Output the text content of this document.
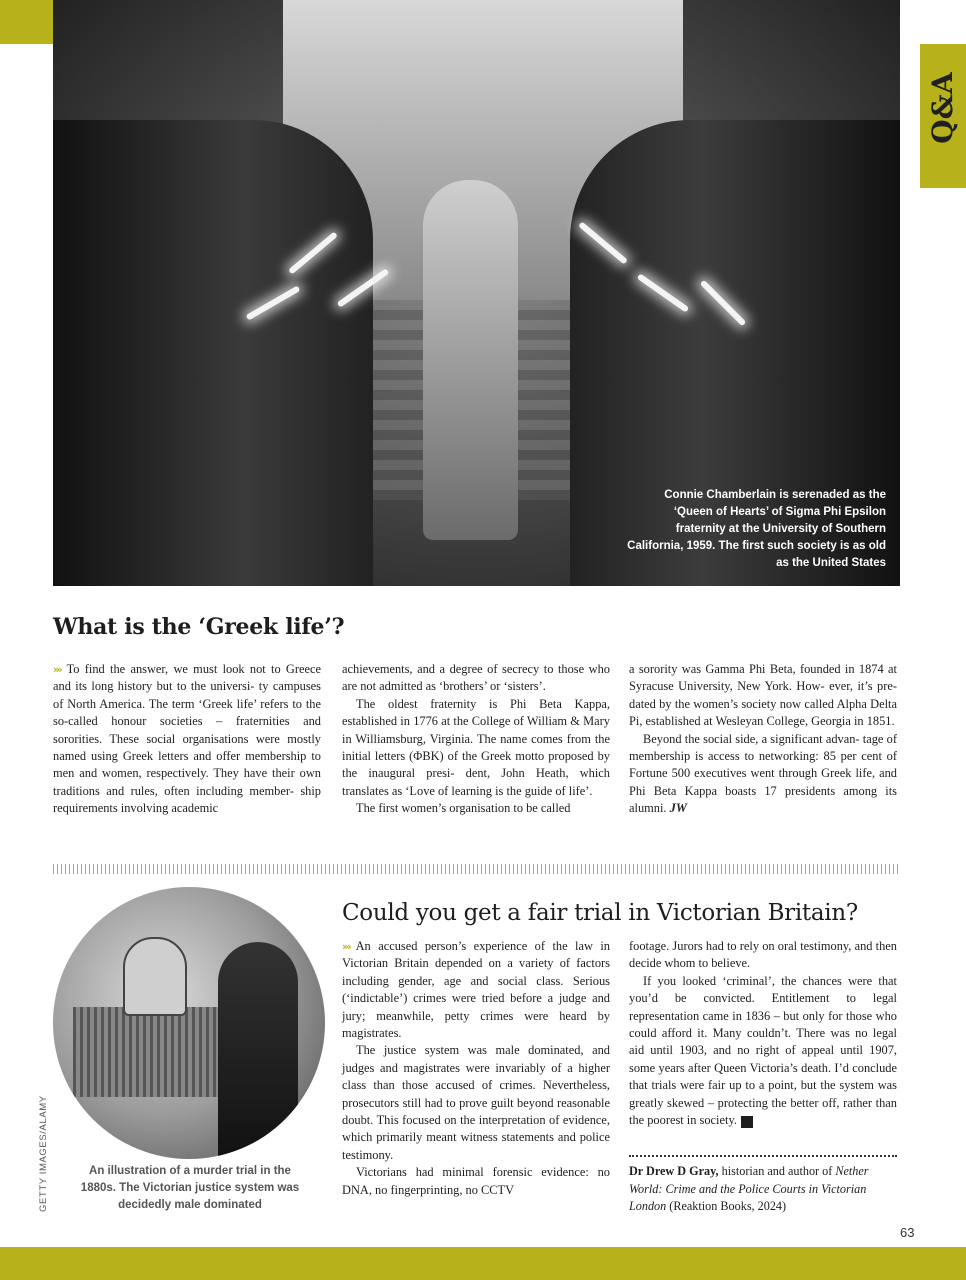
Q&A
Connie Chamberlain is serenaded as the ‘Queen of Hearts’ of Sigma Phi Epsilon fraternity at the University of Southern California, 1959. The first such society is as old as the United States
What is the ‘Greek life’?

››› To find the answer, we must look not to Greece and its long history but to the universi- ty campuses of North America. The term ‘Greek life’ refers to the so-called honour societies – fraternities and sororities. These social organisations were mostly named using Greek letters and offer membership to men and women, respectively. They have their own traditions and rules, often including member- ship requirements involving academic

achievements, and a degree of secrecy to those who are not admitted as ‘brothers’ or ‘sisters’.

The oldest fraternity is Phi Beta Kappa, established in 1776 at the College of William & Mary in Williamsburg, Virginia. The name comes from the initial letters (ΦBK) of the Greek motto proposed by the inaugural presi- dent, John Heath, which translates as ‘Love of learning is the guide of life’.

The first women’s organisation to be called

a sorority was Gamma Phi Beta, founded in 1874 at Syracuse University, New York. How- ever, it’s pre-dated by the women’s society now called Alpha Delta Pi, established at Wesleyan College, Georgia in 1851.

Beyond the social side, a significant advan- tage of membership is access to networking: 85 per cent of Fortune 500 executives went through Greek life, and Phi Beta Kappa boasts 17 presidents among its alumni. JW

GETTY IMAGES/ALAMY	An illustration of a murder trial in the 1880s. The Victorian justice system was decidedly male dominated
Could you get a fair trial in Victorian Britain?

››› An accused person’s experience of the law in Victorian Britain depended on a variety of factors including gender, age and social class. Serious (‘indictable’) crimes were tried before a judge and jury; meanwhile, petty crimes were heard by magistrates.

The justice system was male dominated, and judges and magistrates were invariably of a higher class than those accused of crimes. Nevertheless, prosecutors still had to prove guilt beyond reasonable doubt. This focused on the interpretation of evidence, which primarily meant witness statements and police testimony.

Victorians had minimal forensic evidence: no DNA, no fingerprinting, no CCTV

footage. Jurors had to rely on oral testimony, and then decide whom to believe.

If you looked ‘criminal’, the chances were that you’d be convicted. Entitlement to legal representation came in 1836 – but only for those who could afford it. Many couldn’t. There was no legal aid until 1903, and no right of appeal until 1907, some years after Queen Victoria’s death. I’d conclude that trials were fair up to a point, but the system was greatly skewed – protecting the better off, rather than the poorest in society. H

Dr Drew D Gray, historian and author of Nether World: Crime and the Police Courts in Victorian London (Reaktion Books, 2024)
63
